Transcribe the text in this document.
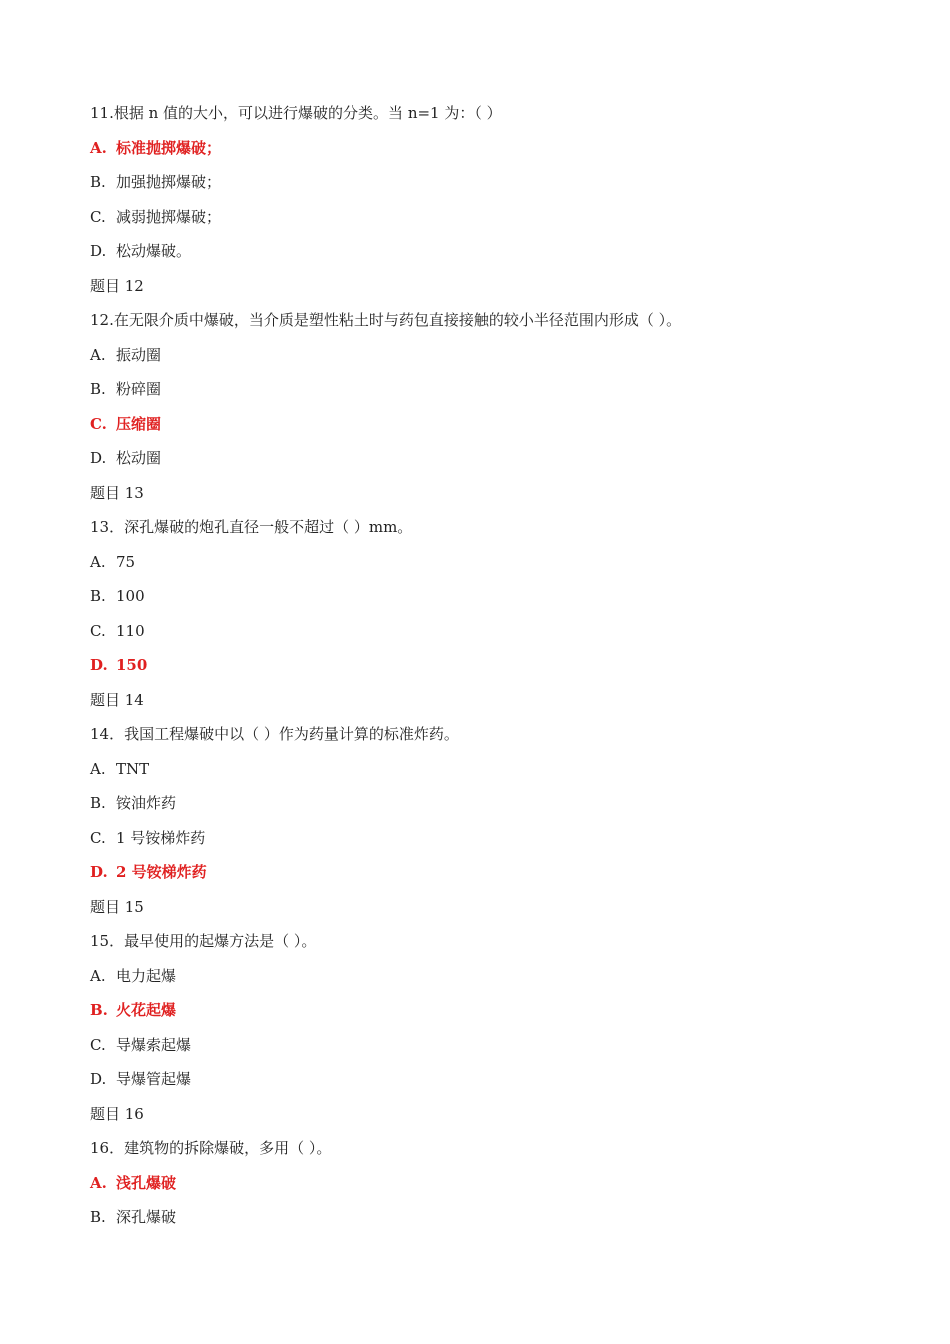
11.根据 n 值的大小，可以进行爆破的分类。当 n=1 为：（ ）
A. 标准抛掷爆破；
B. 加强抛掷爆破；
C. 减弱抛掷爆破；
D. 松动爆破。
题目 12
12.在无限介质中爆破，当介质是塑性粘土时与药包直接接触的较小半径范围内形成（ ）。
A. 振动圈
B. 粉碎圈
C. 压缩圈
D. 松动圈
题目 13
13．深孔爆破的炮孔直径一般不超过（ ）mm。
A. 75
B. 100
C. 110
D. 150
题目 14
14．我国工程爆破中以（ ）作为药量计算的标准炸药。
A. TNT
B. 铵油炸药
C. 1 号铵梯炸药
D. 2 号铵梯炸药
题目 15
15．最早使用的起爆方法是（ ）。
A. 电力起爆
B. 火花起爆
C. 导爆索起爆
D. 导爆管起爆
题目 16
16．建筑物的拆除爆破，多用（ ）。
A. 浅孔爆破
B. 深孔爆破
